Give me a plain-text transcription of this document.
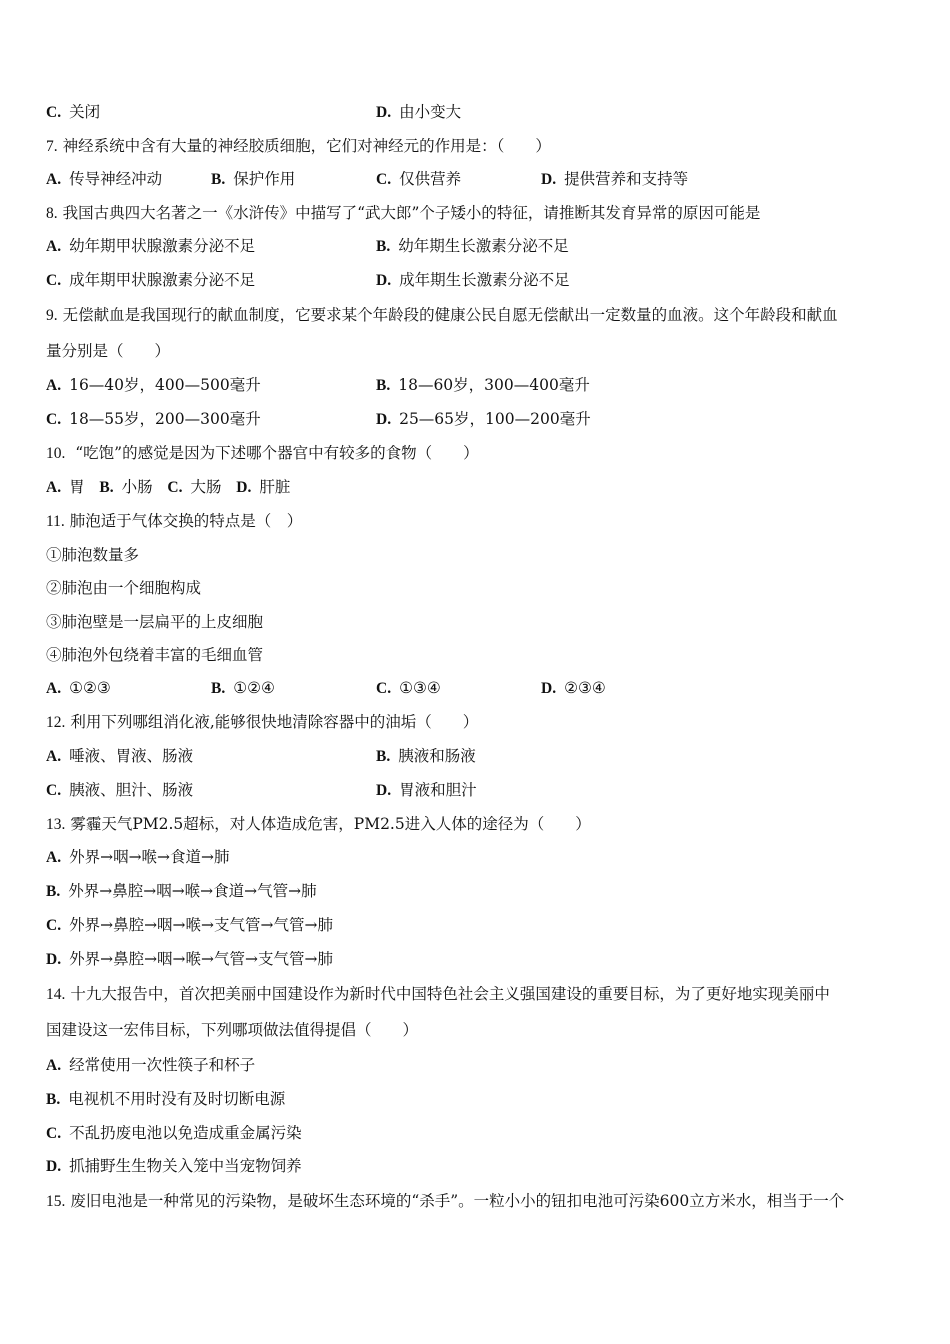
C. 关闭	D. 由小变大
7. 神经系统中含有大量的神经胶质细胞，它们对神经元的作用是：（　　）
A. 传导神经冲动	B. 保护作用	C. 仅供营养	D. 提供营养和支持等
8. 我国古典四大名著之一《水浒传》中描写了“武大郎”个子矮小的特征，请推断其发育异常的原因可能是
A. 幼年期甲状腺激素分泌不足	B. 幼年期生长激素分泌不足
C. 成年期甲状腺激素分泌不足	D. 成年期生长激素分泌不足
9. 无偿献血是我国现行的献血制度，它要求某个年龄段的健康公民自愿无偿献出一定数量的血液。这个年龄段和献血
量分别是（　　）
A. 16—40岁，400—500毫升	B. 18—60岁，300—400毫升
C. 18—55岁，200—300毫升	D. 25—65岁，100—200毫升
10. “吃饱”的感觉是因为下述哪个器官中有较多的食物（　　）
A. 胃 B. 小肠 C. 大肠 D. 肝脏
11. 肺泡适于气体交换的特点是（　）
①肺泡数量多
②肺泡由一个细胞构成
③肺泡壁是一层扁平的上皮细胞
④肺泡外包绕着丰富的毛细血管
A. ①②③	B. ①②④	C. ①③④	D. ②③④
12. 利用下列哪组消化液,能够很快地清除容器中的油垢（　　）
A. 唾液、胃液、肠液	B. 胰液和肠液
C. 胰液、胆汁、肠液	D. 胃液和胆汁
13. 雾霾天气PM2.5超标，对人体造成危害，PM2.5进入人体的途径为（　　）
A. 外界→咽→喉→食道→肺
B. 外界→鼻腔→咽→喉→食道→气管→肺
C. 外界→鼻腔→咽→喉→支气管→气管→肺
D. 外界→鼻腔→咽→喉→气管→支气管→肺
14. 十九大报告中，首次把美丽中国建设作为新时代中国特色社会主义强国建设的重要目标，为了更好地实现美丽中
国建设这一宏伟目标，下列哪项做法值得提倡（　　）
A. 经常使用一次性筷子和杯子
B. 电视机不用时没有及时切断电源
C. 不乱扔废电池以免造成重金属污染
D. 抓捕野生生物关入笼中当宠物饲养
15. 废旧电池是一种常见的污染物，是破坏生态环境的“杀手”。一粒小小的钮扣电池可污染600立方米水，相当于一个
